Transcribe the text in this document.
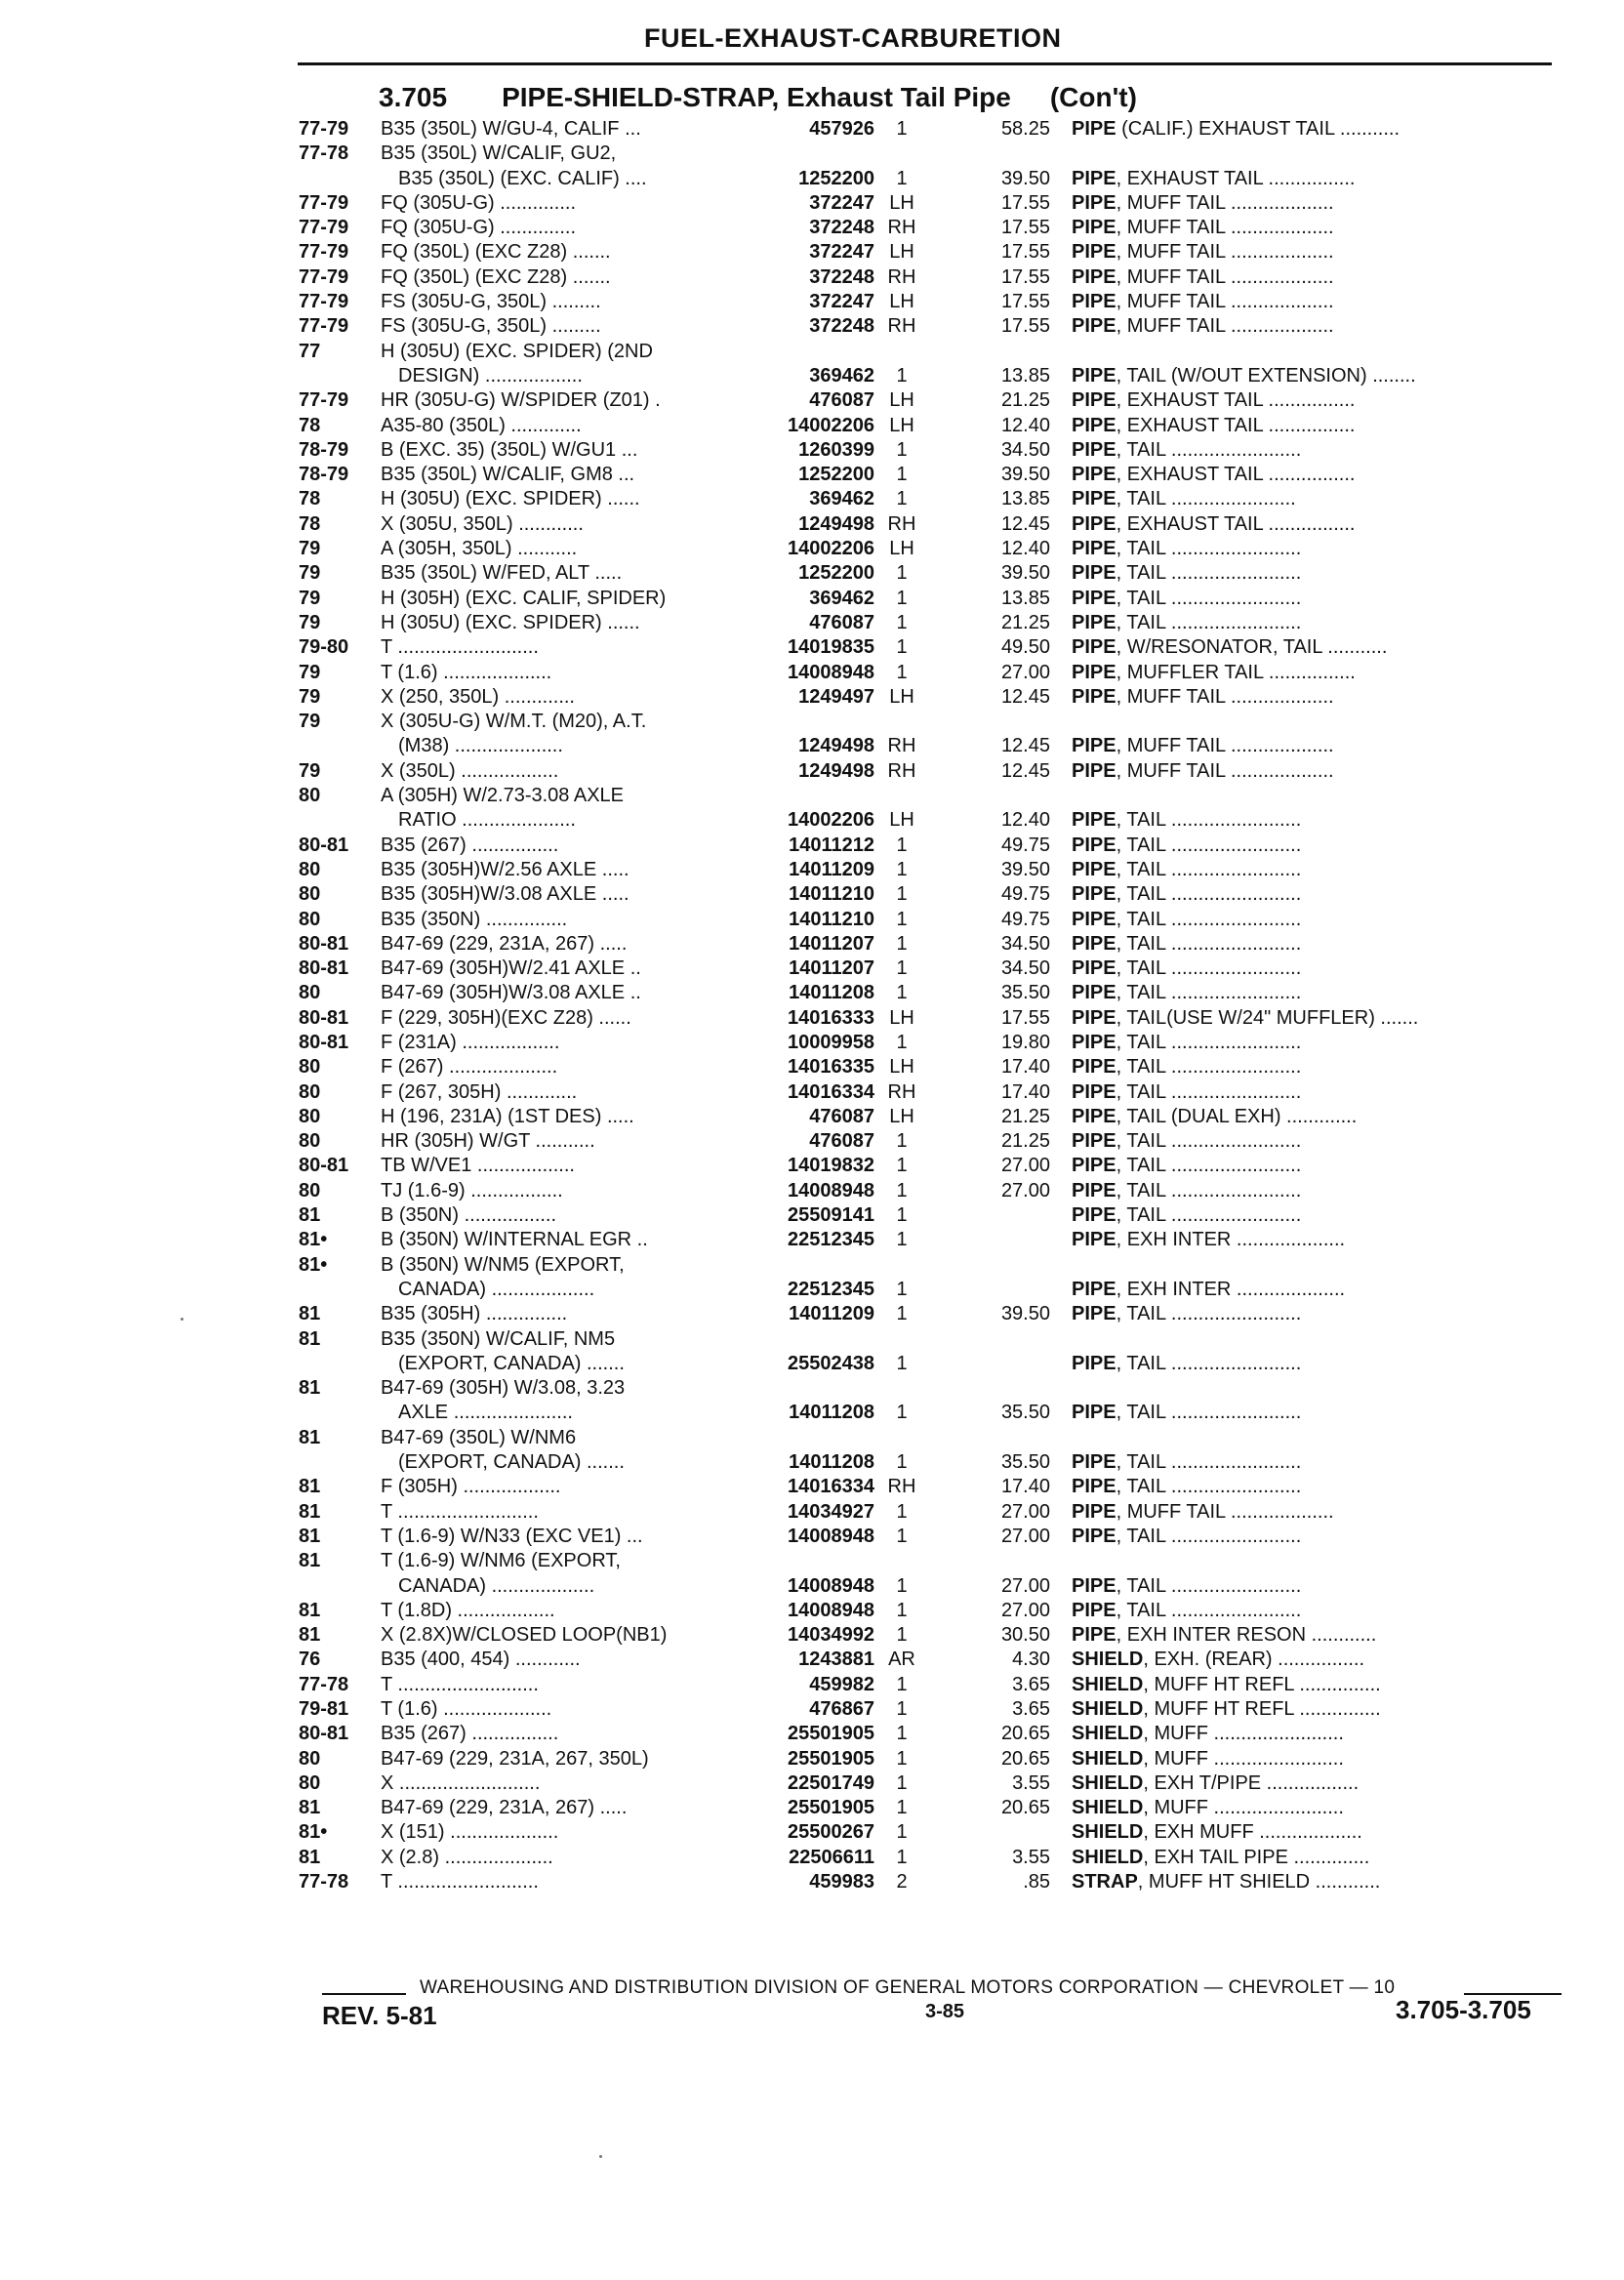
FUEL-EXHAUST-CARBURETION
3.705 PIPE-SHIELD-STRAP, Exhaust Tail Pipe (Con't)
77-79	B35 (350L) W/GU-4, CALIF ...	457926	1	58.25 PIPE (CALIF.) EXHAUST TAIL ...........
77-78	B35 (350L) W/CALIF, GU2,
B35 (350L) (EXC. CALIF) ....	1252200	1	39.50 PIPE, EXHAUST TAIL ................
77-79	FQ (305U-G) ..............	372247 LH	17.55 PIPE, MUFF TAIL ...................
77-79	FQ (305U-G) ..............	372248 RH	17.55 PIPE, MUFF TAIL ...................
77-79	FQ (350L) (EXC Z28) .......	372247 LH	17.55 PIPE, MUFF TAIL ...................
77-79	FQ (350L) (EXC Z28) .......	372248 RH	17.55 PIPE, MUFF TAIL ...................
77-79	FS (305U-G, 350L) .........	372247 LH	17.55 PIPE, MUFF TAIL ...................
77-79	FS (305U-G, 350L) .........	372248 RH	17.55 PIPE, MUFF TAIL ...................
77	H (305U) (EXC. SPIDER) (2ND
DESIGN) ..................	369462	1	13.85 PIPE, TAIL (W/OUT EXTENSION) ........
77-79	HR (305U-G) W/SPIDER (Z01) .	476087 LH	21.25 PIPE, EXHAUST TAIL ................
78	A35-80 (350L) .............	14002206 LH	12.40 PIPE, EXHAUST TAIL ................
78-79	B (EXC. 35) (350L) W/GU1 ...	1260399	1	34.50 PIPE, TAIL ........................
78-79	B35 (350L) W/CALIF, GM8 ...	1252200	1	39.50 PIPE, EXHAUST TAIL ................
78	H (305U) (EXC. SPIDER) ......	369462	1	13.85 PIPE, TAIL .......................
78	X (305U, 350L) ............	1249498 RH	12.45 PIPE, EXHAUST TAIL ................
79	A (305H, 350L) ...........	14002206 LH	12.40 PIPE, TAIL ........................
79	B35 (350L) W/FED, ALT .....	1252200	1	39.50 PIPE, TAIL ........................
79	H (305H) (EXC. CALIF, SPIDER)	369462	1	13.85 PIPE, TAIL ........................
79	H (305U) (EXC. SPIDER) ......	476087	1	21.25 PIPE, TAIL ........................
79-80	T ..........................	14019835	1	49.50 PIPE, W/RESONATOR, TAIL ...........
79	T (1.6) ....................	14008948	1	27.00 PIPE, MUFFLER TAIL ................
79	X (250, 350L) .............	1249497 LH	12.45 PIPE, MUFF TAIL ...................
79	X (305U-G) W/M.T. (M20), A.T.
(M38) ....................	1249498 RH	12.45 PIPE, MUFF TAIL ...................
79	X (350L) ..................	1249498 RH	12.45 PIPE, MUFF TAIL ...................
80	A (305H) W/2.73-3.08 AXLE
RATIO .....................	14002206 LH	12.40 PIPE, TAIL ........................
80-81	B35 (267) ................	14011212	1	49.75 PIPE, TAIL ........................
80	B35 (305H)W/2.56 AXLE .....	14011209	1	39.50 PIPE, TAIL ........................
80	B35 (305H)W/3.08 AXLE .....	14011210	1	49.75 PIPE, TAIL ........................
80	B35 (350N) ...............	14011210	1	49.75 PIPE, TAIL ........................
80-81	B47-69 (229, 231A, 267) .....	14011207	1	34.50 PIPE, TAIL ........................
80-81	B47-69 (305H)W/2.41 AXLE ..	14011207	1	34.50 PIPE, TAIL ........................
80	B47-69 (305H)W/3.08 AXLE ..	14011208	1	35.50 PIPE, TAIL ........................
80-81	F (229, 305H)(EXC Z28) ......	14016333 LH	17.55 PIPE, TAIL(USE W/24" MUFFLER) .......
80-81	F (231A) ..................	10009958	1	19.80 PIPE, TAIL ........................
80	F (267) ....................	14016335 LH	17.40 PIPE, TAIL ........................
80	F (267, 305H) .............	14016334 RH	17.40 PIPE, TAIL ........................
80	H (196, 231A) (1ST DES) .....	476087 LH	21.25 PIPE, TAIL (DUAL EXH) .............
80	HR (305H) W/GT ...........	476087	1	21.25 PIPE, TAIL ........................
80-81	TB W/VE1 ..................	14019832	1	27.00 PIPE, TAIL ........................
80	TJ (1.6-9) .................	14008948	1	27.00 PIPE, TAIL ........................
81	B (350N) .................	25509141	1	PIPE, TAIL ........................
81•	B (350N) W/INTERNAL EGR ..	22512345	1	PIPE, EXH INTER ....................
81•	B (350N) W/NM5 (EXPORT,
CANADA) ...................	22512345	1	PIPE, EXH INTER ....................
81	B35 (305H) ...............	14011209	1	39.50 PIPE, TAIL ........................
81	B35 (350N) W/CALIF, NM5
(EXPORT, CANADA) .......	25502438	1	PIPE, TAIL ........................
81	B47-69 (305H) W/3.08, 3.23
AXLE ......................	14011208	1	35.50 PIPE, TAIL ........................
81	B47-69 (350L) W/NM6
(EXPORT, CANADA) .......	14011208	1	35.50 PIPE, TAIL ........................
81	F (305H) ..................	14016334 RH	17.40 PIPE, TAIL ........................
81	T ..........................	14034927	1	27.00 PIPE, MUFF TAIL ...................
81	T (1.6-9) W/N33 (EXC VE1) ...	14008948	1	27.00 PIPE, TAIL ........................
81	T (1.6-9) W/NM6 (EXPORT,
CANADA) ...................	14008948	1	27.00 PIPE, TAIL ........................
81	T (1.8D) ..................	14008948	1	27.00 PIPE, TAIL ........................
81	X (2.8X)W/CLOSED LOOP(NB1)	14034992	1	30.50 PIPE, EXH INTER RESON ............
76	B35 (400, 454) ............	1243881 AR	4.30 SHIELD, EXH. (REAR) ................
77-78	T ..........................	459982	1	3.65 SHIELD, MUFF HT REFL ...............
79-81	T (1.6) ....................	476867	1	3.65 SHIELD, MUFF HT REFL ...............
80-81	B35 (267) ................	25501905	1	20.65 SHIELD, MUFF ........................
80	B47-69 (229, 231A, 267, 350L)	25501905	1	20.65 SHIELD, MUFF ........................
80	X ..........................	22501749	1	3.55 SHIELD, EXH T/PIPE .................
81	B47-69 (229, 231A, 267) .....	25501905	1	20.65 SHIELD, MUFF ........................
81•	X (151) ....................	25500267	1	SHIELD, EXH MUFF ...................
81	X (2.8) ....................	22506611	1	3.55 SHIELD, EXH TAIL PIPE ..............
77-78	T ..........................	459983	2	.85 STRAP, MUFF HT SHIELD ............
WAREHOUSING AND DISTRIBUTION DIVISION OF GENERAL MOTORS CORPORATION — CHEVROLET — 10
REV. 5-81	3-85	3.705-3.705
